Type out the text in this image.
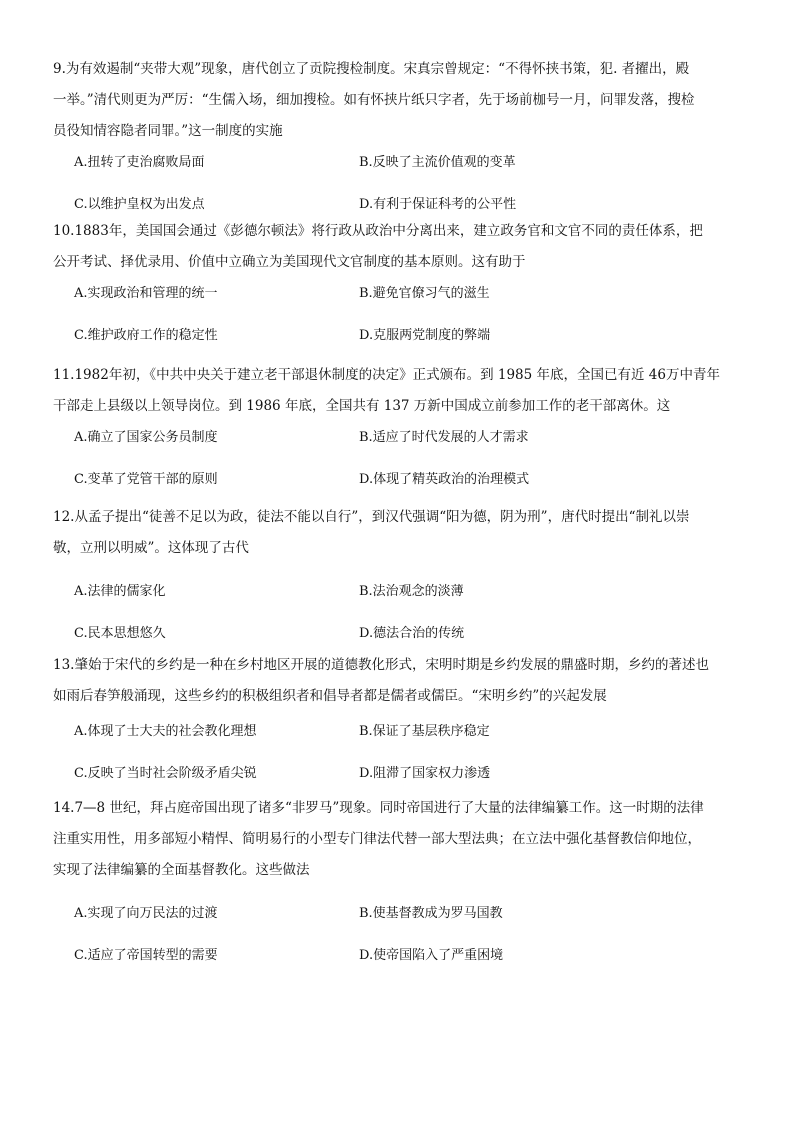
9.为有效遏制“夹带大观”现象，唐代创立了贡院搜检制度。宋真宗曾规定：“不得怀挟书策，犯. 者擢出，殿
一举。”清代则更为严厉：“生儒入场，细加搜检。如有怀挟片纸只字者，先于场前枷号一月，问罪发落，搜检
员役知情容隐者同罪。”这一制度的实施

A.扭转了吏治腐败局面	B.反映了主流价值观的变革
C.以维护皇权为出发点	D.有利于保证科考的公平性

10.1883年，美国国会通过《彭德尔顿法》将行政从政治中分离出来，建立政务官和文官不同的责任体系，把
公开考试、择优录用、价值中立确立为美国现代文官制度的基本原则。这有助于

A.实现政治和管理的统一	B.避免官僚习气的滋生
C.维护政府工作的稳定性	D.克服两党制度的弊端

11.1982年初，《中共中央关于建立老干部退休制度的决定》正式颁布。到 1985 年底，全国已有近 46万中青年
干部走上县级以上领导岗位。到 1986 年底，全国共有 137 万新中国成立前参加工作的老干部离休。这

A.确立了国家公务员制度	B.适应了时代发展的人才需求
C.变革了党管干部的原则	D.体现了精英政治的治理模式

12.从孟子提出“徒善不足以为政，徒法不能以自行”，到汉代强调“阳为德，阴为刑”，唐代时提出“制礼以崇
敬，立刑以明威”。这体现了古代

A.法律的儒家化	B.法治观念的淡薄
C.民本思想悠久	D.德法合治的传统

13.肇始于宋代的乡约是一种在乡村地区开展的道德教化形式，宋明时期是乡约发展的鼎盛时期，乡约的著述也
如雨后春笋般涌现，这些乡约的积极组织者和倡导者都是儒者或儒臣。“宋明乡约”的兴起发展

A.体现了士大夫的社会教化理想	B.保证了基层秩序稳定
C.反映了当时社会阶级矛盾尖锐	D.阻滞了国家权力渗透

14.7—8 世纪，拜占庭帝国出现了诸多“非罗马”现象。同时帝国进行了大量的法律编纂工作。这一时期的法律
注重实用性，用多部短小精悍、简明易行的小型专门律法代替一部大型法典；在立法中强化基督教信仰地位，
实现了法律编纂的全面基督教化。这些做法

A.实现了向万民法的过渡	B.使基督教成为罗马国教
C.适应了帝国转型的需要	D.使帝国陷入了严重困境
